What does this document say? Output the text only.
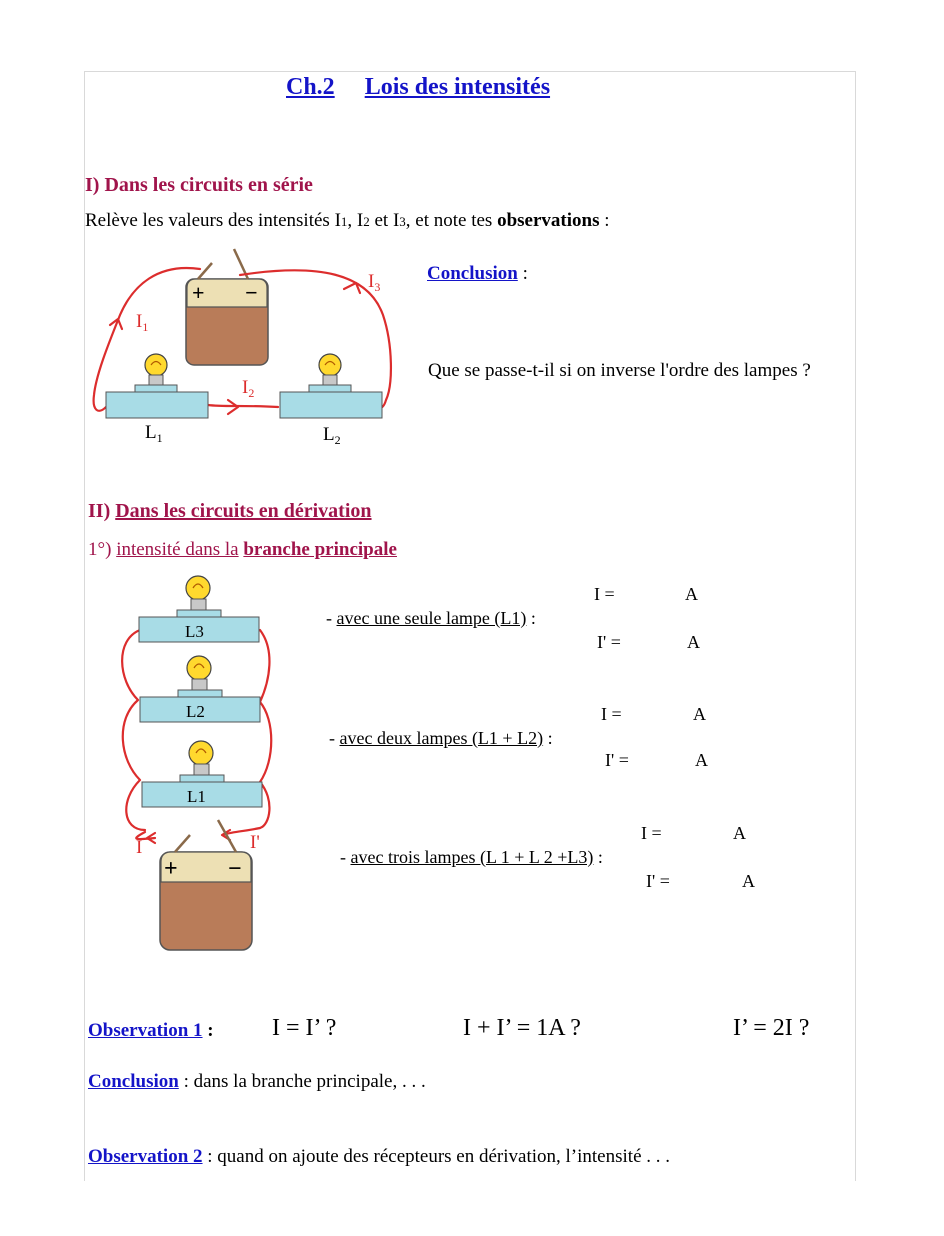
Ch.2 Lois des intensités
I) Dans les circuits en série
Relève les valeurs des intensités I1, I2 et I3, et note tes observations :
Conclusion :
Que se passe-t-il si on inverse l'ordre des lampes ?
+ −
$I_1$
$I_2$
$I_3$
$L_1$	$L_2$
II) Dans les circuits en dérivation
1°) intensité dans la branche principale
L3
L2
L1
+ −
I	I'
- avec une seule lampe (L1) :
I =	A
I' =	A
- avec deux lampes (L1 + L2) :
I =	A
I' =	A
- avec trois lampes (L 1 + L 2 +L3) :
I =	A
I' =	A
Observation 1 : I = I’ ?	I + I’ = 1A ?	I’ = 2I ?
Conclusion : dans la branche principale, . . .
Observation 2 : quand on ajoute des récepteurs en dérivation, l’intensité . . .
